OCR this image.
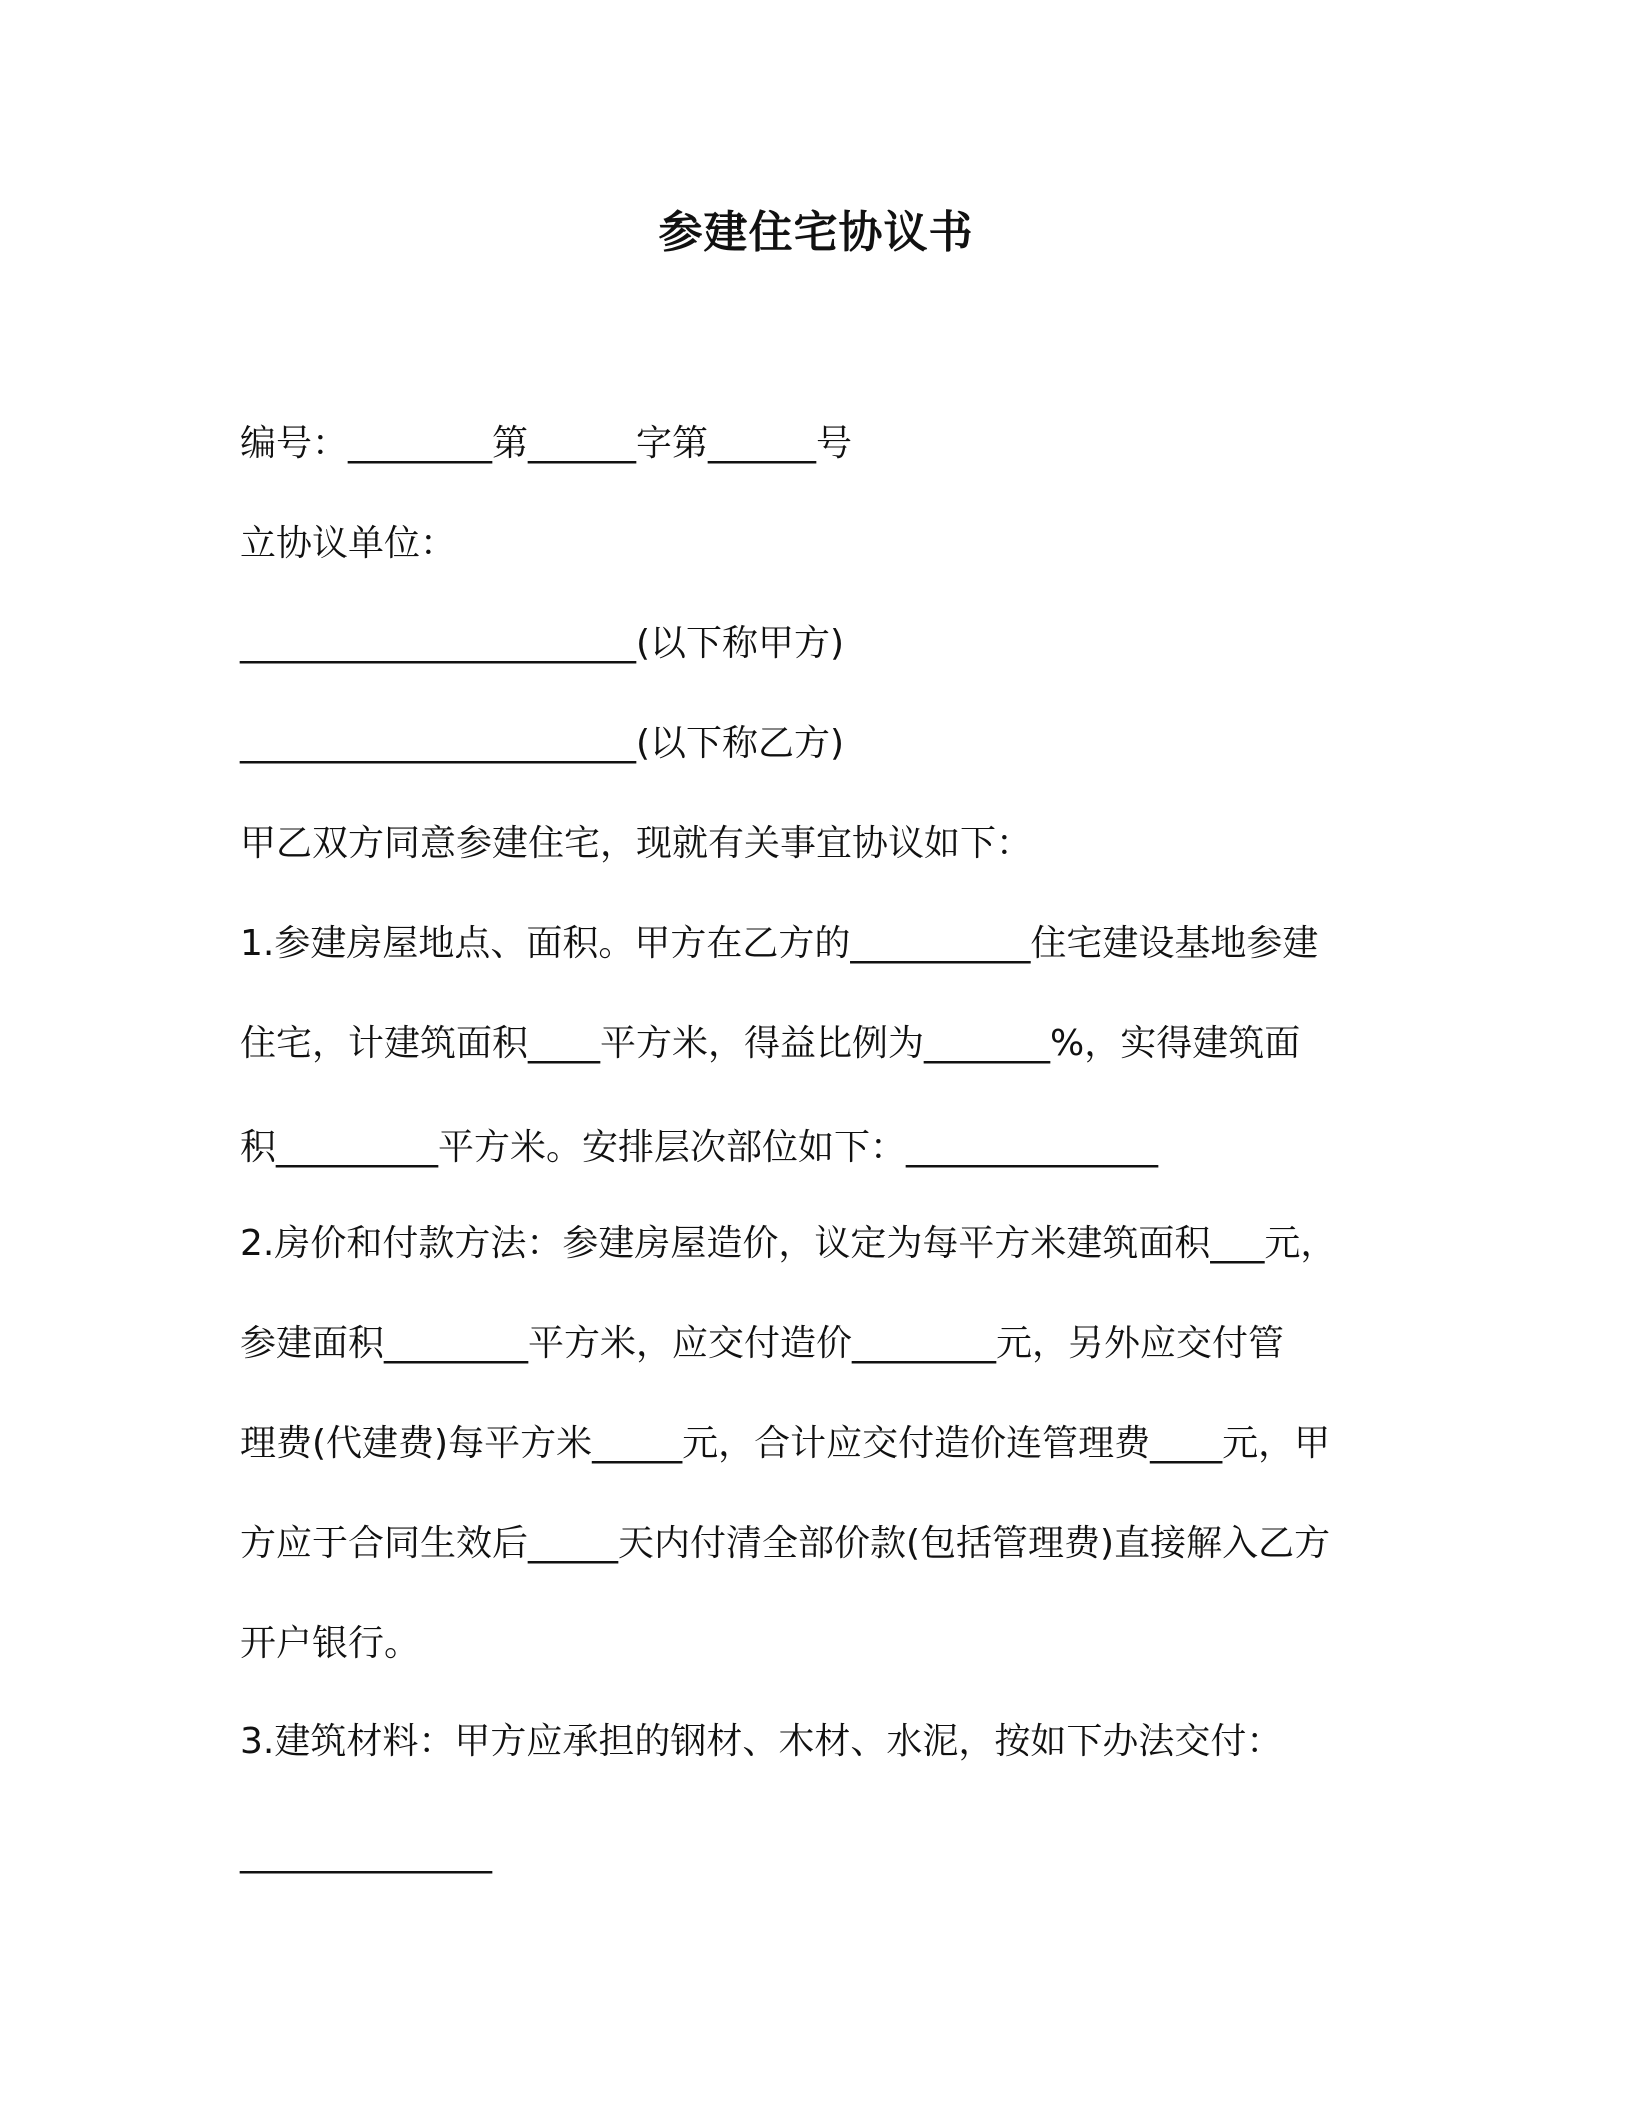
参建住宅协议书

编号：________第______字第______号

立协议单位：

______________________(以下称甲方)

______________________(以下称乙方)

甲乙双方同意参建住宅，现就有关事宜协议如下：

1.参建房屋地点、面积。甲方在乙方的__________住宅建设基地参建

住宅，计建筑面积____平方米，得益比例为_______%，实得建筑面

积_________平方米。安排层次部位如下：______________

2.房价和付款方法：参建房屋造价，议定为每平方米建筑面积___元，

参建面积________平方米，应交付造价________元，另外应交付管

理费(代建费)每平方米_____元，合计应交付造价连管理费____元，甲

方应于合同生效后_____天内付清全部价款(包括管理费)直接解入乙方

开户银行。

3.建筑材料：甲方应承担的钢材、木材、水泥，按如下办法交付：

______________
